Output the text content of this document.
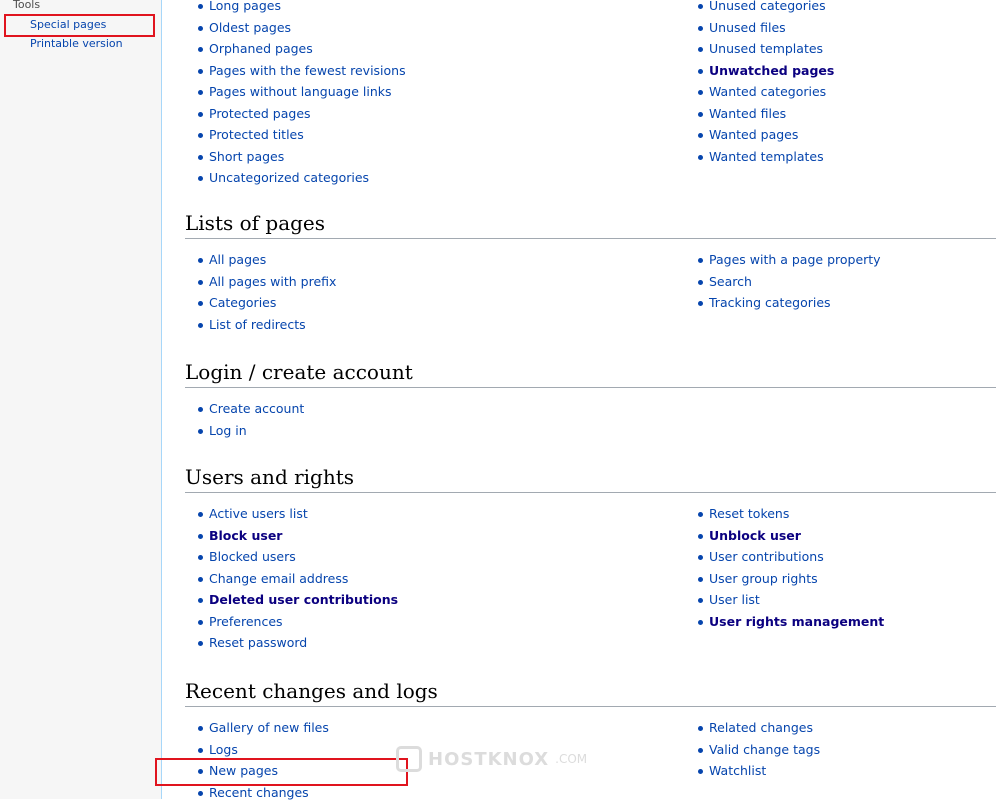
Tools
Special pages
Printable version
Long pages
Oldest pages
Orphaned pages
Pages with the fewest revisions
Pages without language links
Protected pages
Protected titles
Short pages
Uncategorized categories
Unused categories
Unused files
Unused templates
Unwatched pages
Wanted categories
Wanted files
Wanted pages
Wanted templates
Lists of pages
All pages
All pages with prefix
Categories
List of redirects
Pages with a page property
Search
Tracking categories
Login / create account
Create account
Log in
Users and rights
Active users list
Block user
Blocked users
Change email address
Deleted user contributions
Preferences
Reset password
Reset tokens
Unblock user
User contributions
User group rights
User list
User rights management
Recent changes and logs
Gallery of new files
Logs
New pages
Recent changes
Related changes
Valid change tags
Watchlist
HOSTKNOX .COM
